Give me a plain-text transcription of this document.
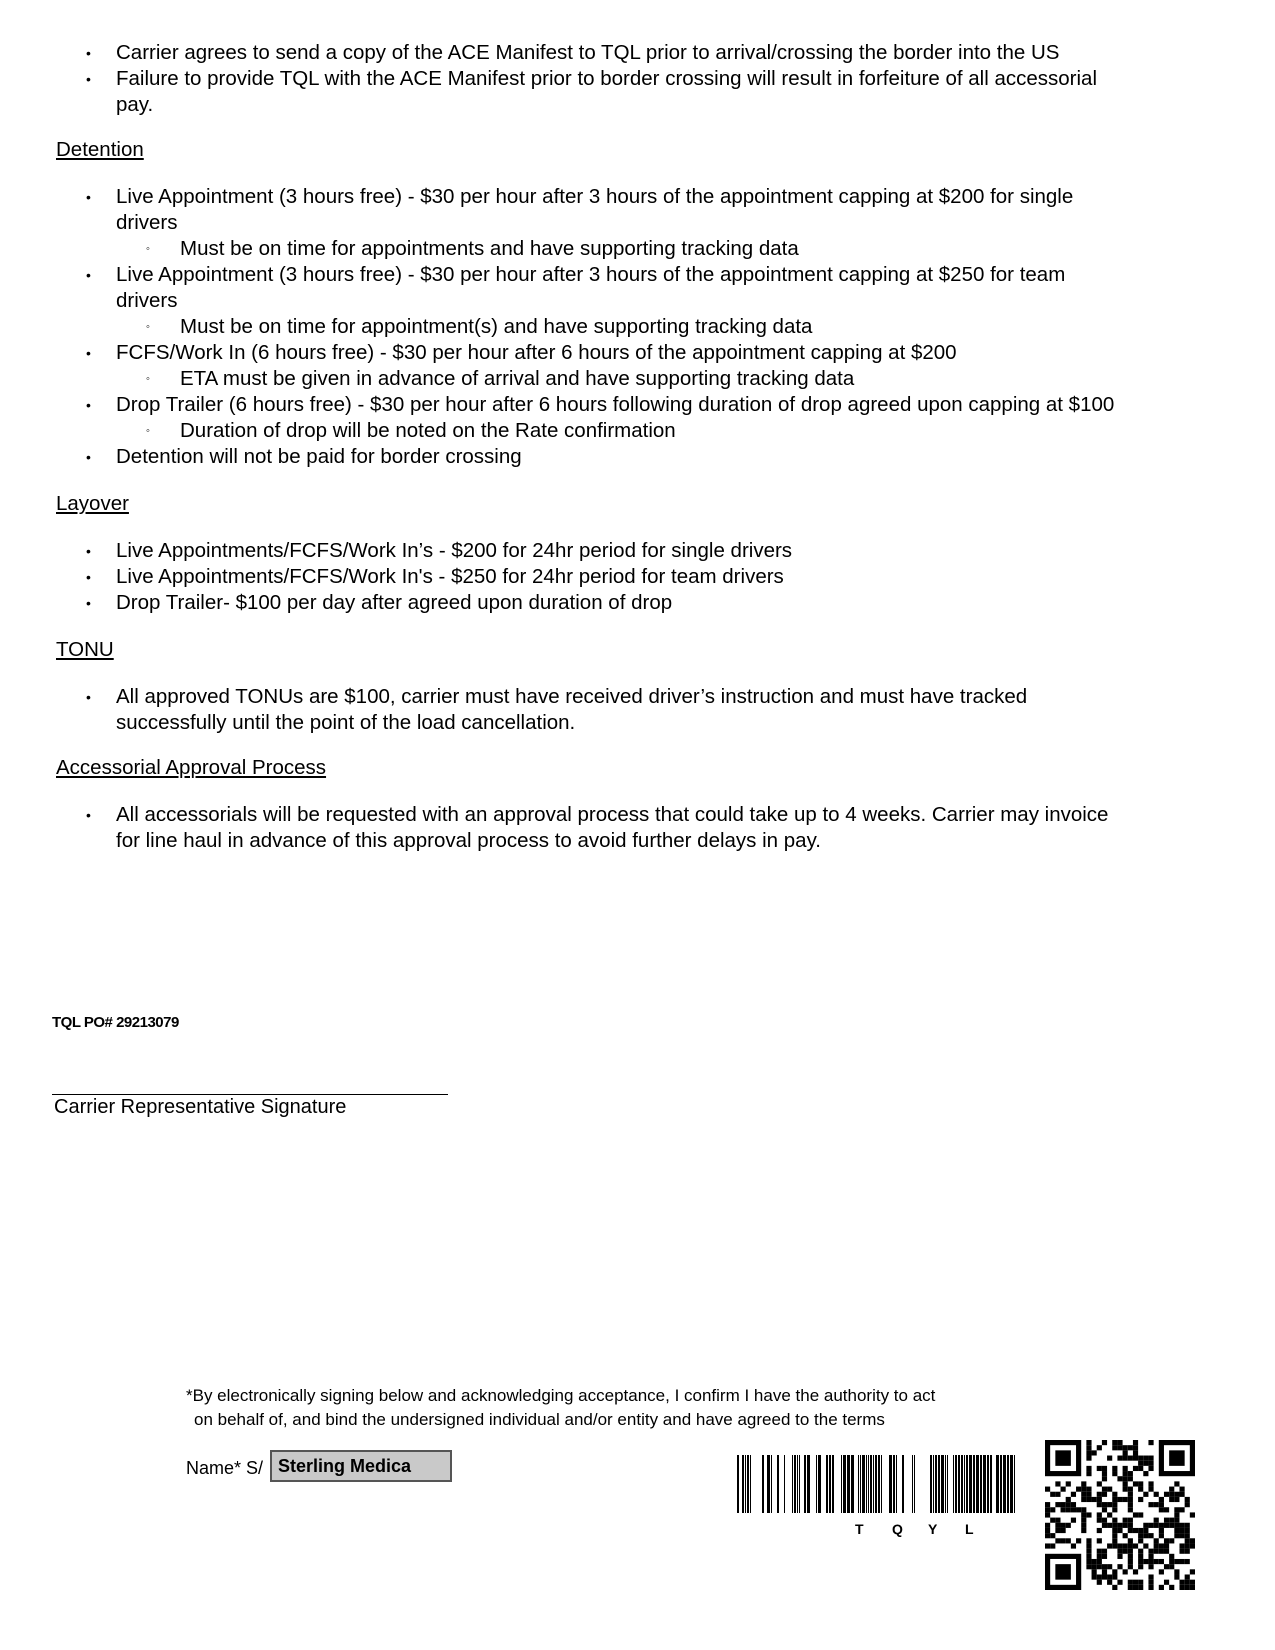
• Carrier agrees to send a copy of the ACE Manifest to TQL prior to arrival/crossing the border into the US
• Failure to provide TQL with the ACE Manifest prior to border crossing will result in forfeiture of all accessorial
pay.
Detention
• Live Appointment (3 hours free) - $30 per hour after 3 hours of the appointment capping at $200 for single
drivers
◦ Must be on time for appointments and have supporting tracking data
• Live Appointment (3 hours free) - $30 per hour after 3 hours of the appointment capping at $250 for team
drivers
◦ Must be on time for appointment(s) and have supporting tracking data
• FCFS/Work In (6 hours free) - $30 per hour after 6 hours of the appointment capping at $200
◦ ETA must be given in advance of arrival and have supporting tracking data
• Drop Trailer (6 hours free) - $30 per hour after 6 hours following duration of drop agreed upon capping at $100
◦ Duration of drop will be noted on the Rate confirmation
• Detention will not be paid for border crossing
Layover
• Live Appointments/FCFS/Work In’s - $200 for 24hr period for single drivers
• Live Appointments/FCFS/Work In's - $250 for 24hr period for team drivers
• Drop Trailer- $100 per day after agreed upon duration of drop
TONU
• All approved TONUs are $100, carrier must have received driver’s instruction and must have tracked
successfully until the point of the load cancellation.
Accessorial Approval Process
• All accessorials will be requested with an approval process that could take up to 4 weeks. Carrier may invoice
for line haul in advance of this approval process to avoid further delays in pay.
TQL PO# 29213079
Carrier Representative Signature
*By electronically signing below and acknowledging acceptance, I confirm I have the authority to act
on behalf of, and bind the undersigned individual and/or entity and have agreed to the terms
Name* S/ Sterling Medica
T Q Y L
